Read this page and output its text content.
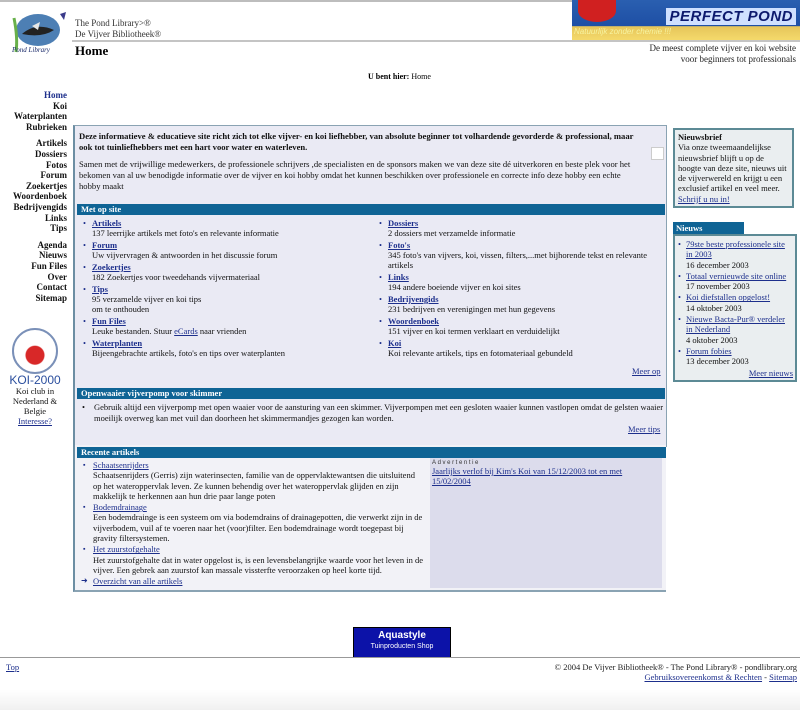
Pond Library
The Pond Library>®
De Vijver Bibliotheek®
Home
Natuurlijk zonder chemie !!!
PERFECT POND
De meest complete vijver en koi website
voor beginners tot professionals
U bent hier: Home
Home
Koi
Waterplanten
Rubrieken
Artikels
Dossiers
Fotos
Forum
Zoekertjes
Woordenboek
Bedrijvengids
Links
Tips
Agenda
Nieuws
Fun Files
Over
Contact
Sitemap
KOI-2000
Koi club in
Nederland &
Belgie
Interesse?
Deze informatieve & educatieve site richt zich tot elke vijver- en koi liefhebber, van absolute beginner tot volhardende gevorderde & professional, maar ook tot tuinliefhebbers met een hart voor water en waterleven.
Samen met de vrijwillige medewerkers, de professionele schrijvers ,de specialisten en de sponsors maken we van deze site dé uitverkoren en beste plek voor het bekomen van al uw benodigde informatie over de vijver en koi hobby omdat het kunnen beschikken over professionele en correcte info deze hobby een echte hobby maakt
Met op site
• Artikels
137 leerrijke artikels met foto's en relevante informatie
• Forum
Uw vijvervragen & antwoorden in het discussie forum
• Zoekertjes
182 Zoekertjes voor tweedehands vijvermateriaal
• Tips
95 verzamelde vijver en koi tips
om te onthouden
• Fun Files
Leuke bestanden. Stuur eCards naar vrienden
• Waterplanten
Bijeengebrachte artikels, foto's en tips over waterplanten
• Dossiers
2 dossiers met verzamelde informatie
• Foto's
345 foto's van vijvers, koi, vissen, filters,...met bijhorende tekst en relevante artikels
• Links
194 andere boeiende vijver en koi sites
• Bedrijvengids
231 bedrijven en verenigingen met hun gegevens
• Woordenboek
151 vijver en koi termen verklaart en verduidelijkt
• Koi
Koi relevante artikels, tips en fotomateriaal gebundeld
Meer op
Openwaaier vijverpomp voor skimmer
• Gebruik altijd een vijverpomp met open waaier voor de aansturing van een skimmer. Vijverpompen met een gesloten waaier kunnen vastlopen omdat de gelsten waaier moeilijk overweg kan met vuil dan doorheen het skimmermandjes gezogen kan worden.
Meer tips
Recente artikels
▪ Schaatsenrijders
Schaatsenrijders (Gerris) zijn waterinsecten, familie van de oppervlaktewantsen die uitsluitend op het wateroppervlak leven. Ze kunnen behendig over het wateroppervlak glijden en zijn makkelijk te herkennen aan hun drie paar lange poten
▪ Bodemdrainage
Een bodemdrainge is een systeem om via bodemdrains of drainagepotten, die verwerkt zijn in de vijverbodem, vuil af te voeren naar het (voor)filter. Een bodemdrainage wordt toegepast bij gravity filtersystemen.
▪ Het zuurstofgehalte
Het zuurstofgehalte dat in water opgelost is, is een levensbelangrijke waarde voor het leven in de vijver. Een gebrek aan zuurstof kan massale vissterfte veroorzaken op heel korte tijd.
➜ Overzicht van alle artikels
Advertentie
Jaarlijks verlof bij Kim's Koi van 15/12/2003 tot en met 15/02/2004
Nieuwsbrief
Via onze tweemaandelijkse nieuwsbrief blijft u op de hoogte van deze site, nieuws uit de vijverwereld en krijgt u een exclusief artikel en veel meer.
Schrijf u nu in!
Nieuws
• 79ste beste professionele site in 2003
16 december 2003
• Totaal vernieuwde site online
17 november 2003
• Koi diefstallen opgelost!
14 oktober 2003
• Nieuwe Bacta-Pur® verdeler in Nederland
4 oktober 2003
• Forum fobies
13 december 2003
Meer nieuws
Aquastyle
Tuinproducten Shop
Top	© 2004 De Vijver Bibliotheek® - The Pond Library® - pondlibrary.org
Gebruiksovereenkomst & Rechten - Sitemap
